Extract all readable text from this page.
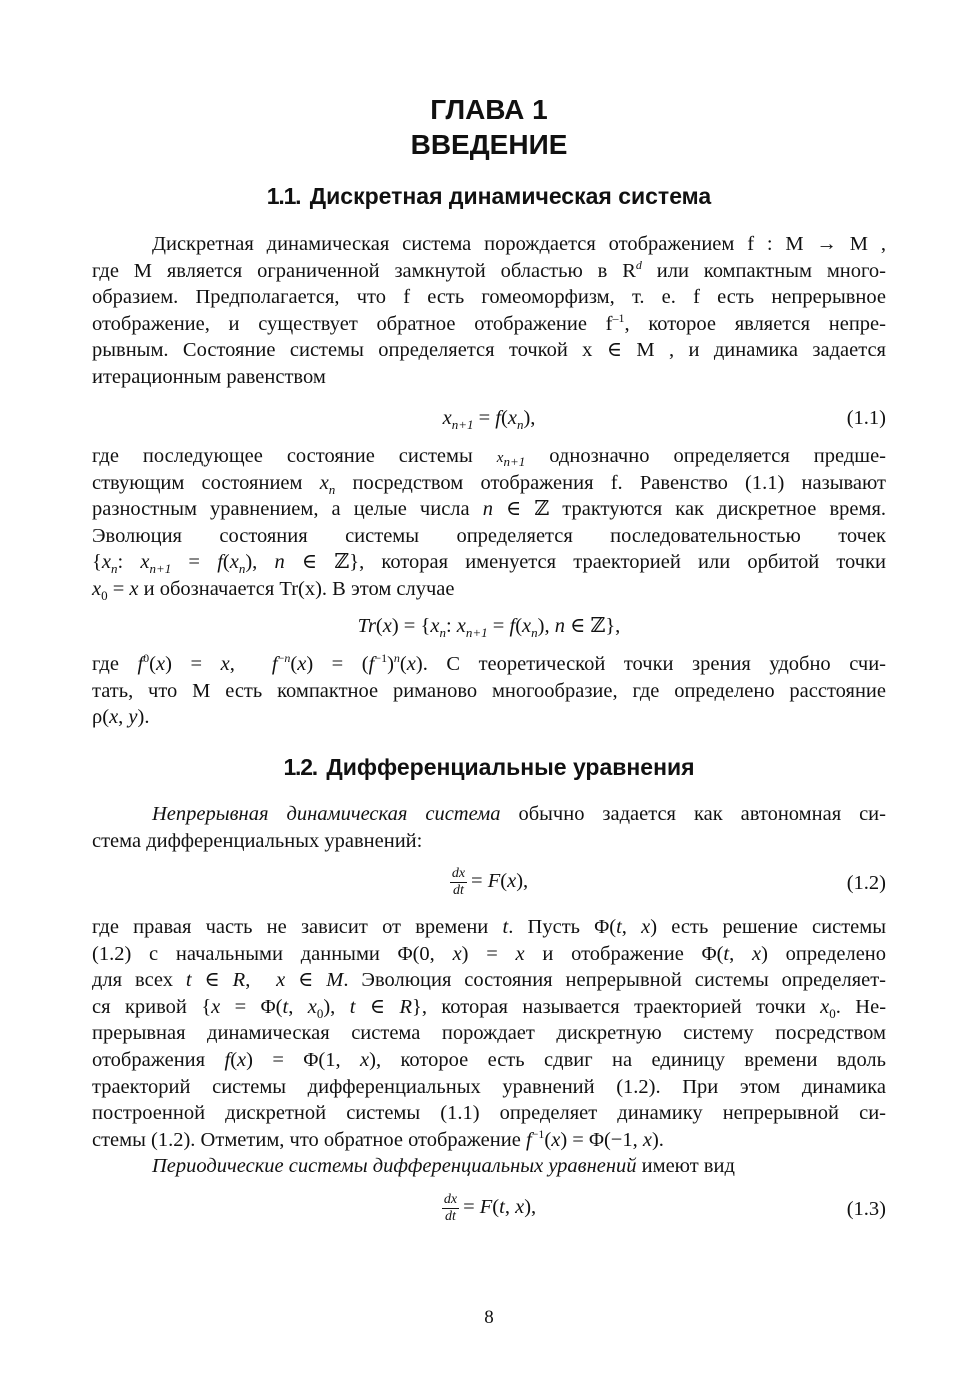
ГЛАВА 1
ВВЕДЕНИЕ
1.1. Дискретная динамическая система
Дискретная динамическая система порождается отображением f : M → M ,
где M является ограниченной замкнутой областью в $R^d$ или компактным много-
образием. Предполагается, что f есть гомеоморфизм, т. е. f есть непрерывное
отображение, и существует обратное отображение $f^{-1}$, которое является непре-
рывным. Состояние системы определяется точкой x ∈ M , и динамика задается
итерационным равенством
$x_{n+1} = f(x_n)$,	(1.1)
где последующее состояние системы $x_{n+1}$ однозначно определяется предше-
ствующим состоянием $x_n$ посредством отображения f. Равенство (1.1) называют
разностным уравнением, а целые числа n ∈ ℤ трактуются как дискретное время.
Эволюция состояния системы определяется последовательностью точек
{$x_n$: $x_{n+1} = f(x_n)$, n ∈ ℤ}, которая именуется траекторией или орбитой точки
$x_0 = x$ и обозначается Tr(x). В этом случае
$Tr(x) = \{x_n$: $x_{n+1} = f(x_n)$, n ∈ ℤ},
где $f^0(x) = x$,  $f^{-n}(x) = (f^{-1})^n(x)$. С теоретической точки зрения удобно счи-
тать, что M есть компактное риманово многообразие, где определено расстояние
ρ(x, y).
1.2. Дифференциальные уравнения
Непрерывная динамическая система обычно задается как автономная си-
стема дифференциальных уравнений:
$\frac{dx}{dt} = F(x)$,	(1.2)
где правая часть не зависит от времени t. Пусть Φ(t, x) есть решение системы
(1.2) с начальными данными Φ(0, x) = x и отображение Φ(t, x) определено
для всех t ∈ R,  x ∈ M. Эволюция состояния непрерывной системы определяет-
ся кривой {x = Φ(t, $x_0$), t ∈ R}, которая называется траекторией точки $x_0$. Не-
прерывная динамическая система порождает дискретную систему посредством
отображения f(x) = Φ(1, x), которое есть сдвиг на единицу времени вдоль
траекторий системы дифференциальных уравнений (1.2). При этом динамика
построенной дискретной системы (1.1) определяет динамику непрерывной си-
стемы (1.2). Отметим, что обратное отображение $f^{-1}(x) = \Phi(-1$, x).
Периодические системы дифференциальных уравнений имеют вид
$\frac{dx}{dt} = F(t$, x),	(1.3)
8
